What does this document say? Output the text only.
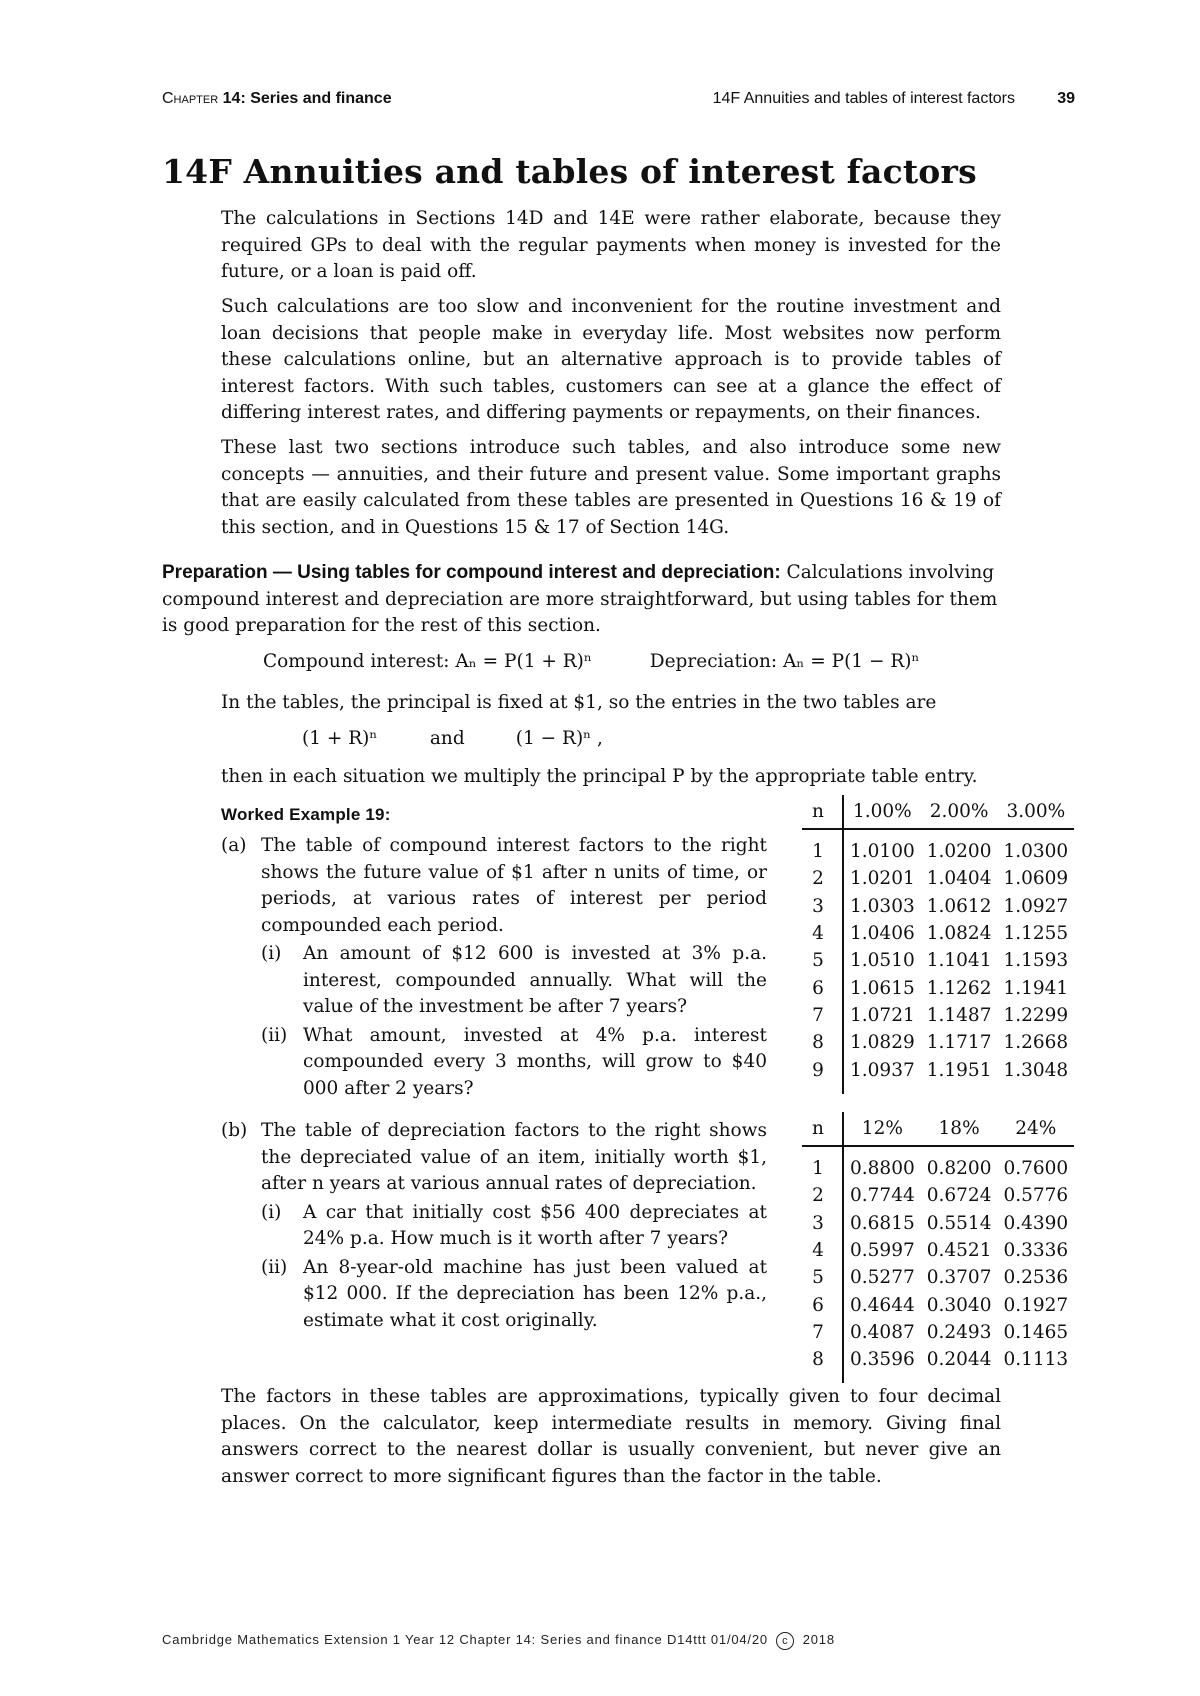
Chapter 14: Series and finance	14F Annuities and tables of interest factors	39
14F Annuities and tables of interest factors
The calculations in Sections 14D and 14E were rather elaborate, because they required GPs to deal with the regular payments when money is invested for the future, or a loan is paid off.
Such calculations are too slow and inconvenient for the routine investment and loan decisions that people make in everyday life. Most websites now perform these calculations online, but an alternative approach is to provide tables of interest factors. With such tables, customers can see at a glance the effect of differing interest rates, and differing payments or repayments, on their finances.
These last two sections introduce such tables, and also introduce some new concepts — annuities, and their future and present value. Some important graphs that are easily calculated from these tables are presented in Questions 16 & 19 of this section, and in Questions 15 & 17 of Section 14G.
Preparation — Using tables for compound interest and depreciation: Calculations involving compound interest and depreciation are more straightforward, but using tables for them is good preparation for the rest of this section.
Compound interest: Aₙ = P(1 + R)ⁿ	Depreciation: Aₙ = P(1 − R)ⁿ
In the tables, the principal is fixed at $1, so the entries in the two tables are
(1 + R)ⁿ	and	(1 − R)ⁿ ,
then in each situation we multiply the principal P by the appropriate table entry.
Worked Example 19:
(a) The table of compound interest factors to the right shows the future value of $1 after n units of time, or periods, at various rates of interest per period compounded each period.
(i) An amount of $12 600 is invested at 3% p.a. interest, compounded annually. What will the value of the investment be after 7 years?
(ii) What amount, invested at 4% p.a. interest compounded every 3 months, will grow to $40 000 after 2 years?
(b) The table of depreciation factors to the right shows the depreciated value of an item, initially worth $1, after n years at various annual rates of depreciation.
(i) A car that initially cost $56 400 depreciates at 24% p.a. How much is it worth after 7 years?
(ii) An 8-year-old machine has just been valued at $12 000. If the depreciation has been 12% p.a., estimate what it cost originally.
n	1.00%	2.00%	3.00%
1	1.0100	1.0200	1.0300
2	1.0201	1.0404	1.0609
3	1.0303	1.0612	1.0927
4	1.0406	1.0824	1.1255
5	1.0510	1.1041	1.1593
6	1.0615	1.1262	1.1941
7	1.0721	1.1487	1.2299
8	1.0829	1.1717	1.2668
9	1.0937	1.1951	1.3048

n	12%	18%	24%
1	0.8800	0.8200	0.7600
2	0.7744	0.6724	0.5776
3	0.6815	0.5514	0.4390
4	0.5997	0.4521	0.3336
5	0.5277	0.3707	0.2536
6	0.4644	0.3040	0.1927
7	0.4087	0.2493	0.1465
8	0.3596	0.2044	0.1113

The factors in these tables are approximations, typically given to four decimal places. On the calculator, keep intermediate results in memory. Giving final answers correct to the nearest dollar is usually convenient, but never give an answer correct to more significant figures than the factor in the table.
Cambridge Mathematics Extension 1 Year 12 Chapter 14: Series and finance D14ttt 01/04/20 c 2018
